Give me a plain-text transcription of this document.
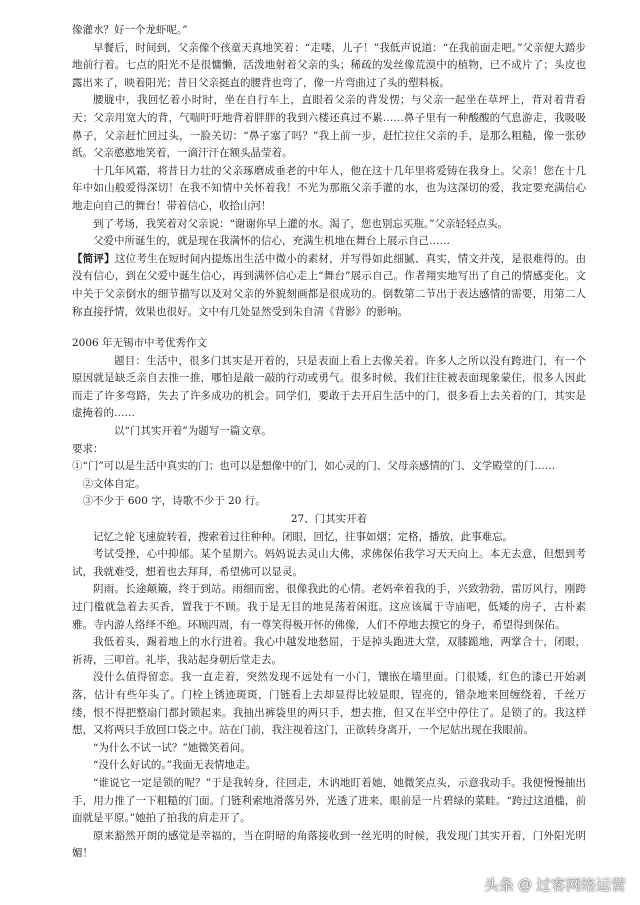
像灌水？好一个龙虾呢。”

早餐后，时间到，父亲像个孩童天真地笑着：“走喽，儿子！”我低声说道：“在我前面走吧。”父亲便大踏步地前行着。七点的阳光不是很慵懒，活泼地射着父亲的头；稀疏的发丝像荒漠中的植物，已不成片了；头皮也露出来了，映着阳光；昔日父亲挺直的腰背也弯了，像一片弯曲过了头的塑料板。

腰胧中，我回忆着小时时，坐在自行车上，直眼着父亲的背发愣；与父亲一起坐在草坪上，背对着背看天；父亲用宽大的背，气喘吁吁地背着胖胖的我到六楼还真过不累……鼻子里有一种酸酸的气息游走，我吸吸鼻子，父亲赶忙回过头，一脸关切：“鼻子塞了吗？”我上前一步，赶忙拉住父亲的手，是那么粗糙，像一张砂纸。父亲憨憨地笑着，一滴汗汗在额头晶莹着。

十几年风霜，将昔日力壮的父亲琢磨成垂老的中年人，他在这十几年里将爱铸在我身上。父亲！您在十几年中如山般爱得深切！在我不知情中关怀着我！不光为那瓶父亲手灌的水，也为这深切的爱，我定要充满信心地走向自己的舞台！带着信心，收拾山河！

到了考场，我笑着对父亲说：“谢谢你早上灌的水。渴了，您也别忘买瓶。”父亲轻轻点头。

父爱中所诞生的，就是现在我满怀的信心，充满生机地在舞台上展示自己……

【简评】这位考生在短时间内提炼出生活中微小的素材，并写得如此细腻、真实，情文并茂，是很难得的。由没有信心，到在父爱中诞生信心，再到满怀信心走上“舞台”展示自己。作者翔实地写出了自己的情感变化。文中关于父亲倒水的细节描写以及对父亲的外貌刻画都是很成功的。倒数第二节出于表达感情的需要，用第二人称直接抒情，效果也很好。文中有几处显然受到朱自清《背影》的影响。

2006 年无锡市中考优秀作文

题目：生活中，很多门其实是开着的，只是表面上看上去像关着。许多人之所以没有跨进门，有一个原因就是缺乏亲自去推一推，哪怕是敲一敲的行动或勇气。很多时候，我们往往被表面现象蒙住，很多人因此而走了许多弯路，失去了许多成功的机会。同学们，要敢于去开启生活中的门，很多看上去关着的门，其实是虚掩着的……

以“门其实开着”为题写一篇文章。

要求：

①“门”可以是生活中真实的门；也可以是想像中的门，如心灵的门、父母亲感情的门、文学殿堂的门……

②文体自定。

③不少于 600 字，诗歌不少于 20 行。

27、门其实开着

记忆之轮飞速旋转着，搜索着过往种种。闭眼，回忆，往事如烟；定格，播放，此事难忘。

考试受挫，心中抑郁。某个星期六。妈妈说去灵山大佛，求佛保佑我学习天天向上。本无去意，但想到考试，我就难受，想着也去拜拜，希望佛可以显灵。

阴雨。长途颠簸，终于到站。雨细而密，很像我此的心情。老妈牵着我的手，兴致勃勃，雷厉风行，刚跨过门槛就急着去买香，置我于不顾。我于是无目的地晃荡着闲逛。这应该属于寺庙吧，低矮的房子，古朴素雅。寺内游人络绎不绝。环顾四周，有一尊笑得极开怀的佛像，人们不停地去摸它的身子，希望得到保佑。

我低着头，踢着地上的水行进着。我心中越发地愁屈，于是掉头跑进大堂，双膝跪地，两掌合十，闭眼，祈祷，三叩首。礼毕，我站起身朝后堂走去。

没什么值得留恋。我一直走着，突然发现不远处有一小门，镶嵌在墙里面。门很矮，红色的漆已开始剥落，估计有些年头了。门栓上锈迹斑斑，门链看上去却显得比较显眼，锃亮的，错杂地来回缠绕着，千丝万缕，恨不得把整扇门都封锁起来。我抽出裤袋里的两只手，想去推，但又在半空中停住了。是锁了的。我这样想，又将两只手放回口袋之中。站在门前，我注视着这门，正欲转身离开，一个尼姑出现在我眼前。

“为什么不试一试？”她微笑着问。

“没什么好试的。”我面无表情地走。

“谁说它一定是锁的呢？”于是我转身，往回走，木讷地盯着她，她微笑点头，示意我动手。我便慢慢抽出手，用力推了一下粗糙的门面。门链利索地滑落另外，光透了进来，眼前是一片碧绿的菜畦。“跨过这道槛，前面就是平原。”她拍了拍我的肩走开了。

原来豁然开朗的感觉是幸福的，当在阴暗的角落接收到一丝光明的时候，我发现门其实开着，门外阳光明媚！

头条 @ 过客网络运营
